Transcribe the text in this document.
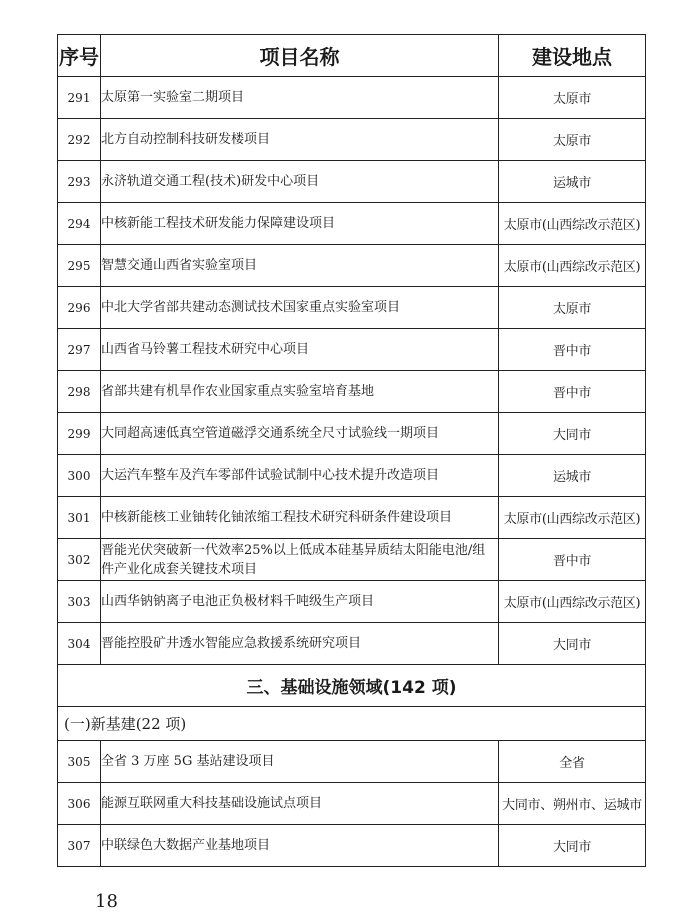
序号	项目名称	建设地点
291	太原第一实验室二期项目	太原市
292	北方自动控制科技研发楼项目	太原市
293	永济轨道交通工程(技术)研发中心项目	运城市
294	中核新能工程技术研发能力保障建设项目	太原市(山西综改示范区)
295	智慧交通山西省实验室项目	太原市(山西综改示范区)
296	中北大学省部共建动态测试技术国家重点实验室项目	太原市
297	山西省马铃薯工程技术研究中心项目	晋中市
298	省部共建有机旱作农业国家重点实验室培育基地	晋中市
299	大同超高速低真空管道磁浮交通系统全尺寸试验线一期项目	大同市
300	大运汽车整车及汽车零部件试验试制中心技术提升改造项目	运城市
301	中核新能核工业铀转化铀浓缩工程技术研究科研条件建设项目	太原市(山西综改示范区)
302	晋能光伏突破新一代效率25%以上低成本硅基异质结太阳能电池/组件产业化成套关键技术项目	晋中市
303	山西华钠钠离子电池正负极材料千吨级生产项目	太原市(山西综改示范区)
304	晋能控股矿井透水智能应急救援系统研究项目	大同市
三、基础设施领域(142 项)		
(一)新基建(22 项)		
305	全省 3 万座 5G 基站建设项目	全省
306	能源互联网重大科技基础设施试点项目	大同市、朔州市、运城市
307	中联绿色大数据产业基地项目	大同市
18
